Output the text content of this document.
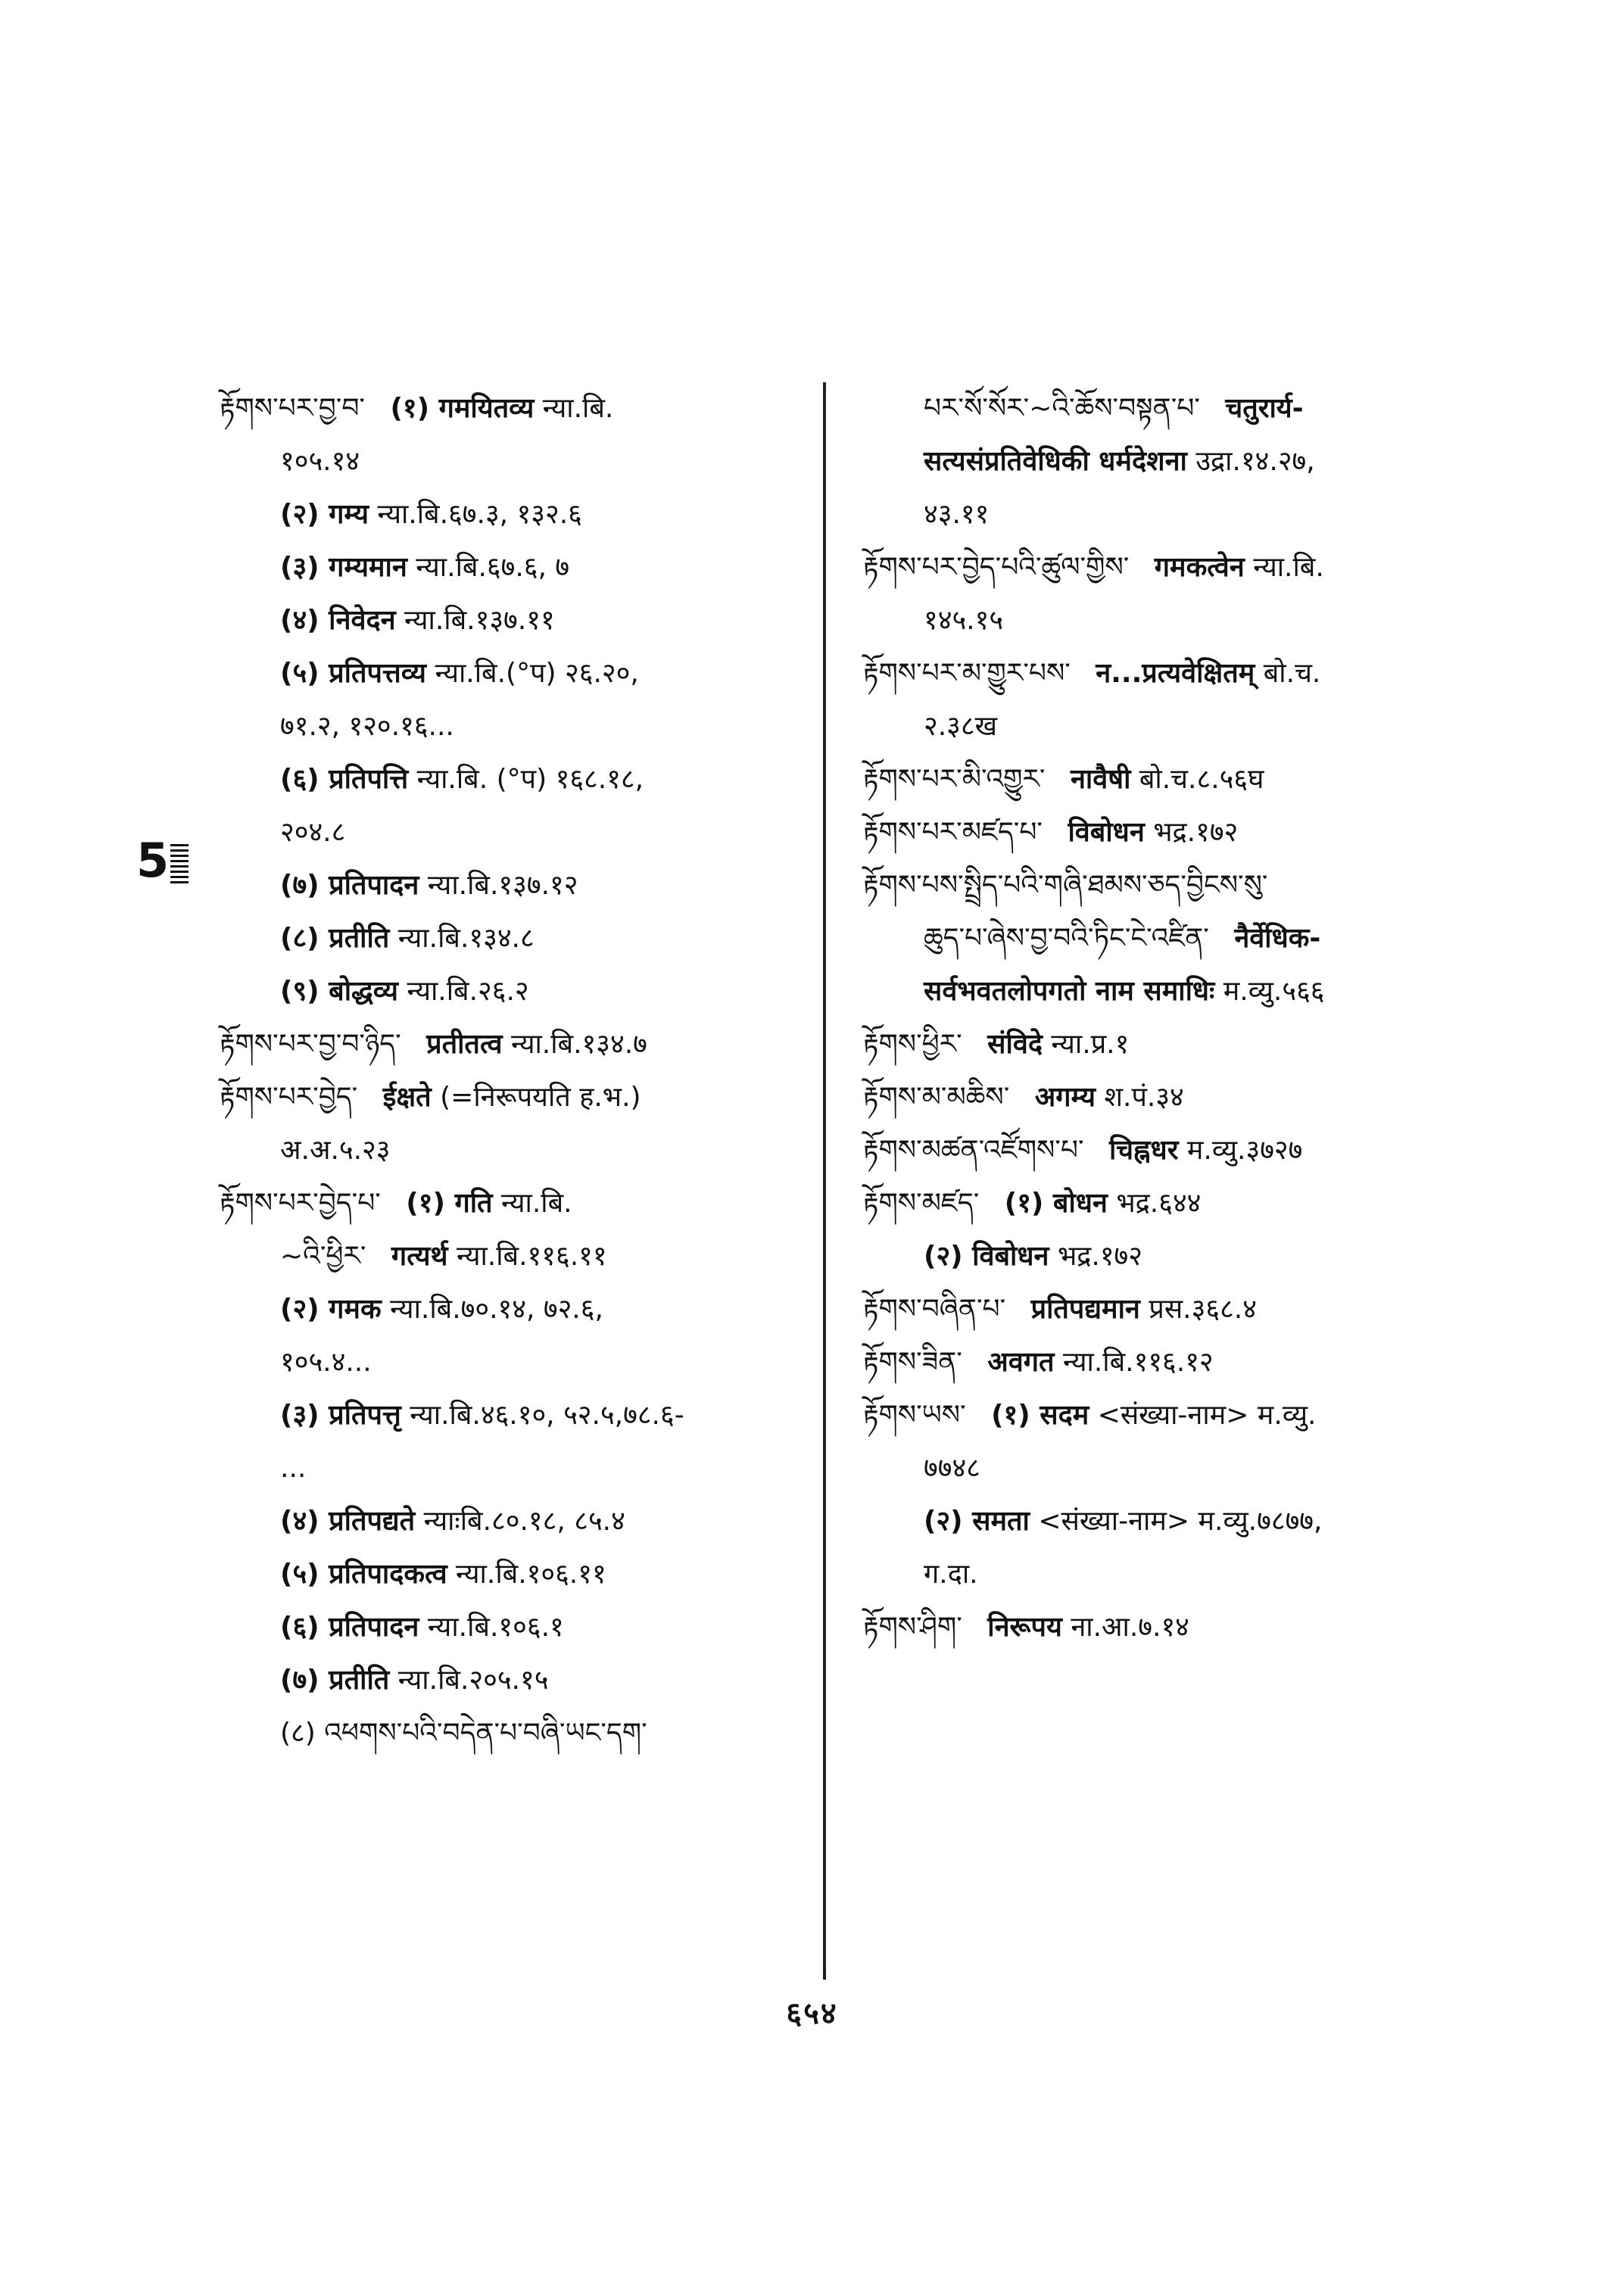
རྟོགས་པར་བྱ་བ་ (१) गमयितव्य न्या.बि.
१०५.१४
(२) गम्य न्या.बि.६७.३, १३२.६
(३) गम्यमान न्या.बि.६७.६, ७
(४) निवेदन न्या.बि.१३७.११
(५) प्रतिपत्तव्य न्या.बि.(°प) २६.२०,
७१.२, १२०.१६...
(६) प्रतिपत्ति न्या.बि. (°प) १६८.१८,
२०४.८
(७) प्रतिपादन न्या.बि.१३७.१२
(८) प्रतीति न्या.बि.१३४.८
(९) बोद्धव्य न्या.बि.२६.२
རྟོགས་པར་བྱ་བ་ཉིད་ प्रतीतत्व न्या.बि.१३४.७
རྟོགས་པར་བྱེད་ ईक्षते (=निरूपयति ह.भ.)
अ.अ.५.२३
རྟོགས་པར་བྱེད་པ་ (१) गति न्या.बि.
~འི་ཕྱིར་ गत्यर्थ न्या.बि.११६.११
(२) गमक न्या.बि.७०.१४, ७२.६,
१०५.४...
(३) प्रतिपत्तृ न्या.बि.४६.१०, ५२.५,७८.६-
...
(४) प्रतिपद्यते न्याःबि.८०.१८, ८५.४
(५) प्रतिपादकत्व न्या.बि.१०६.११
(६) प्रतिपादन न्या.बि.१०६.१
(७) प्रतीति न्या.बि.२०५.१५
(८) འཕགས་པའི་བདེན་པ་བཞི་ཡང་དག་
པར་སོ་སོར་~འི་ཆོས་བསྟན་པ་ चतुरार्य-
सत्यसंप्रतिवेधिकी धर्मदेशना उद्रा.१४.२७,
४३.११
རྟོགས་པར་བྱེད་པའི་ཚུལ་གྱིས་ गमकत्वेन न्या.बि.
१४५.१५
རྟོགས་པར་མ་གྱུར་པས་ न...प्रत्यवेक्षितम् बो.च.
२.३८ख
རྟོགས་པར་མི་འགྱུར་ नावैषी बो.च.८.५६घ
རྟོགས་པར་མཛད་པ་ विबोधन भद्र.१७२
རྟོགས་པས་སྤྲིད་པའི་གཞི་ཐམས་ཅད་བྱིངས་སུ་
ཆུད་པ་ཞེས་བྱ་བའི་ཏིང་ངེ་འཛིན་ नैर्वेधिक-
सर्वभवतलोपगतो नाम समाधिः म.व्यु.५६६
རྟོགས་ཕྱིར་ संविदे न्या.प्र.१
རྟོགས་མ་མཆིས་ अगम्य श.पं.३४
རྟོགས་མཚན་འཛོགས་པ་ चिह्नधर म.व्यु.३७२७
རྟོགས་མཛད་ (१) बोधन भद्र.६४४
(२) विबोधन भद्र.१७२
རྟོགས་བཞིན་པ་ प्रतिपद्यमान प्रस.३६८.४
རྟོགས་ཟིན་ अवगत न्या.बि.११६.१२
རྟོགས་ཡས་ (१) सदम <संख्या-नाम> म.व्यु.
७७४८
(२) समता <संख्या-नाम> म.व्यु.७८७७,
ग.दा.
རྟོགས་ཤིག་ निरूपय ना.आ.७.१४
5
६५४
